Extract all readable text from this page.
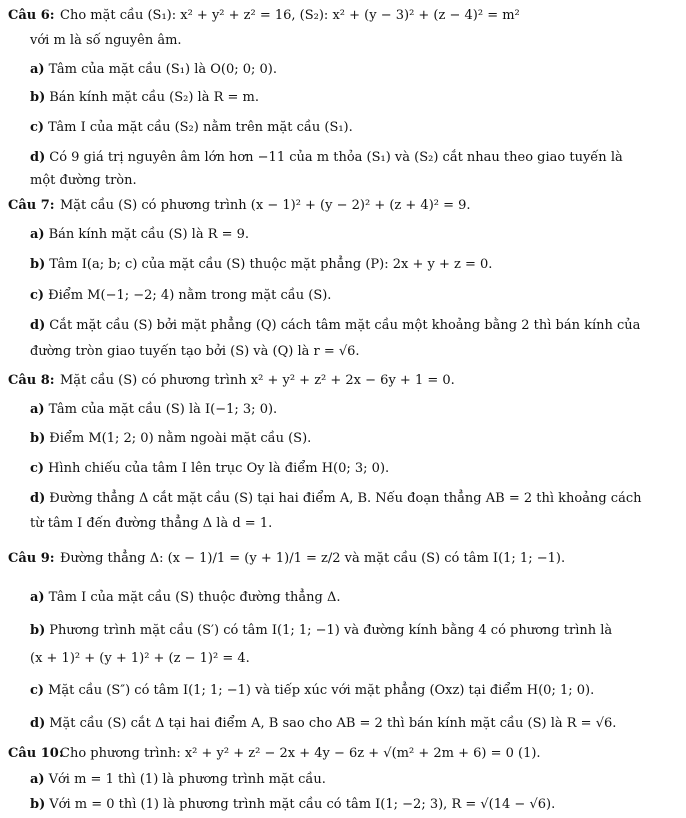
Câu 6: Cho mặt cầu (S₁): x² + y² + z² = 16, (S₂): x² + (y − 3)² + (z − 4)² = m²
với m là số nguyên âm.
a) Tâm của mặt cầu (S₁) là O(0; 0; 0).
b) Bán kính mặt cầu (S₂) là R = m.
c) Tâm I của mặt cầu (S₂) nằm trên mặt cầu (S₁).
d) Có 9 giá trị nguyên âm lớn hơn −11 của m thỏa (S₁) và (S₂) cắt nhau theo giao tuyến là
một đường tròn.
Câu 7: Mặt cầu (S) có phương trình (x − 1)² + (y − 2)² + (z + 4)² = 9.
a) Bán kính mặt cầu (S) là R = 9.
b) Tâm I(a; b; c) của mặt cầu (S) thuộc mặt phẳng (P): 2x + y + z = 0.
c) Điểm M(−1; −2; 4) nằm trong mặt cầu (S).
d) Cắt mặt cầu (S) bởi mặt phẳng (Q) cách tâm mặt cầu một khoảng bằng 2 thì bán kính của
đường tròn giao tuyến tạo bởi (S) và (Q) là r = √6.
Câu 8: Mặt cầu (S) có phương trình x² + y² + z² + 2x − 6y + 1 = 0.
a) Tâm của mặt cầu (S) là I(−1; 3; 0).
b) Điểm M(1; 2; 0) nằm ngoài mặt cầu (S).
c) Hình chiếu của tâm I lên trục Oy là điểm H(0; 3; 0).
d) Đường thẳng Δ cắt mặt cầu (S) tại hai điểm A, B. Nếu đoạn thẳng AB = 2 thì khoảng cách
từ tâm I đến đường thẳng Δ là d = 1.
Câu 9: Đường thẳng Δ: (x − 1)/1 = (y + 1)/1 = z/2 và mặt cầu (S) có tâm I(1; 1; −1).
a) Tâm I của mặt cầu (S) thuộc đường thẳng Δ.
b) Phương trình mặt cầu (S′) có tâm I(1; 1; −1) và đường kính bằng 4 có phương trình là
(x + 1)² + (y + 1)² + (z − 1)² = 4.
c) Mặt cầu (S″) có tâm I(1; 1; −1) và tiếp xúc với mặt phẳng (Oxz) tại điểm H(0; 1; 0).
d) Mặt cầu (S) cắt Δ tại hai điểm A, B sao cho AB = 2 thì bán kính mặt cầu (S) là R = √6.
Câu 10:
Cho phương trình: x² + y² + z² − 2x + 4y − 6z + √(m² + 2m + 6) = 0 (1).
a) Với m = 1 thì (1) là phương trình mặt cầu.
b) Với m = 0 thì (1) là phương trình mặt cầu có tâm I(1; −2; 3), R = √(14 − √6).
